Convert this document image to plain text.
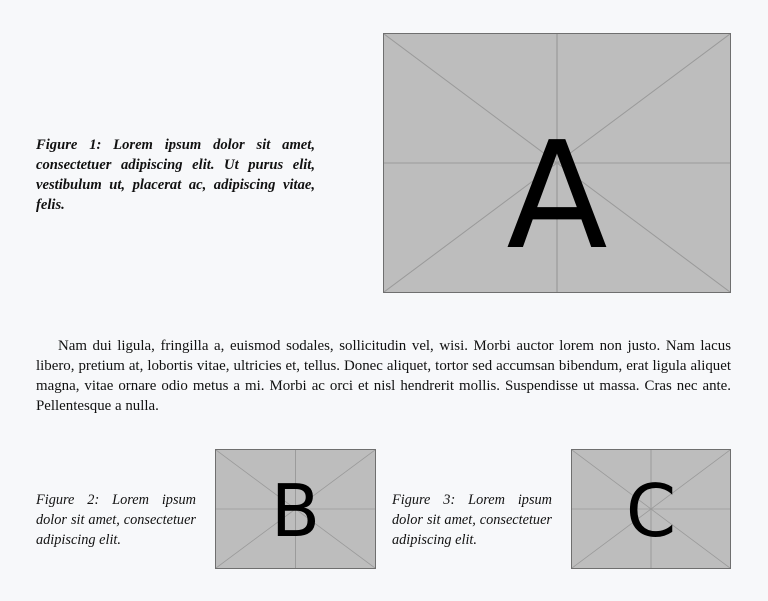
Figure 1: Lorem ipsum dolor sit amet, consectetuer adipiscing elit. Ut purus elit, vestibulum ut, placerat ac, adipiscing vitae, felis.	A
Nam dui ligula, fringilla a, euismod sodales, sollicitudin vel, wisi. Morbi auctor lorem non justo. Nam lacus libero, pretium at, lobortis vitae, ultricies et, tellus. Donec aliquet, tortor sed accumsan bibendum, erat ligula aliquet magna, vitae ornare odio metus a mi. Morbi ac orci et nisl hendrerit mollis. Suspendisse ut massa. Cras nec ante. Pellentesque a nulla.
Figure 2: Lorem ipsum dolor sit amet, consectetuer adipiscing elit.	B	Figure 3: Lorem ipsum dolor sit amet, consectetuer adipiscing elit.	C
